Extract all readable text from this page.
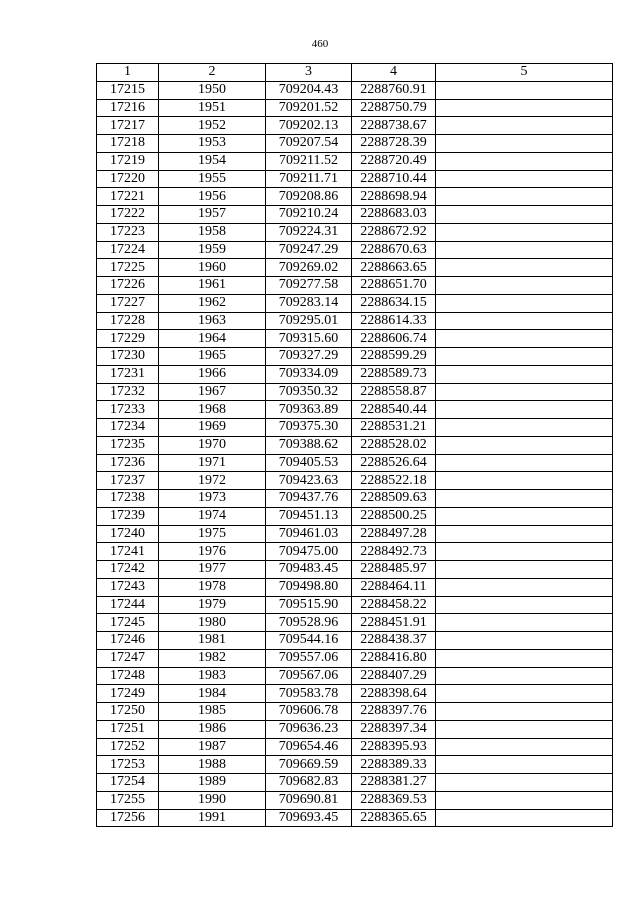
460
1	2	3	4	5
17215	1950	709204.43	2288760.91	
17216	1951	709201.52	2288750.79	
17217	1952	709202.13	2288738.67	
17218	1953	709207.54	2288728.39	
17219	1954	709211.52	2288720.49	
17220	1955	709211.71	2288710.44	
17221	1956	709208.86	2288698.94	
17222	1957	709210.24	2288683.03	
17223	1958	709224.31	2288672.92	
17224	1959	709247.29	2288670.63	
17225	1960	709269.02	2288663.65	
17226	1961	709277.58	2288651.70	
17227	1962	709283.14	2288634.15	
17228	1963	709295.01	2288614.33	
17229	1964	709315.60	2288606.74	
17230	1965	709327.29	2288599.29	
17231	1966	709334.09	2288589.73	
17232	1967	709350.32	2288558.87	
17233	1968	709363.89	2288540.44	
17234	1969	709375.30	2288531.21	
17235	1970	709388.62	2288528.02	
17236	1971	709405.53	2288526.64	
17237	1972	709423.63	2288522.18	
17238	1973	709437.76	2288509.63	
17239	1974	709451.13	2288500.25	
17240	1975	709461.03	2288497.28	
17241	1976	709475.00	2288492.73	
17242	1977	709483.45	2288485.97	
17243	1978	709498.80	2288464.11	
17244	1979	709515.90	2288458.22	
17245	1980	709528.96	2288451.91	
17246	1981	709544.16	2288438.37	
17247	1982	709557.06	2288416.80	
17248	1983	709567.06	2288407.29	
17249	1984	709583.78	2288398.64	
17250	1985	709606.78	2288397.76	
17251	1986	709636.23	2288397.34	
17252	1987	709654.46	2288395.93	
17253	1988	709669.59	2288389.33	
17254	1989	709682.83	2288381.27	
17255	1990	709690.81	2288369.53	
17256	1991	709693.45	2288365.65	
